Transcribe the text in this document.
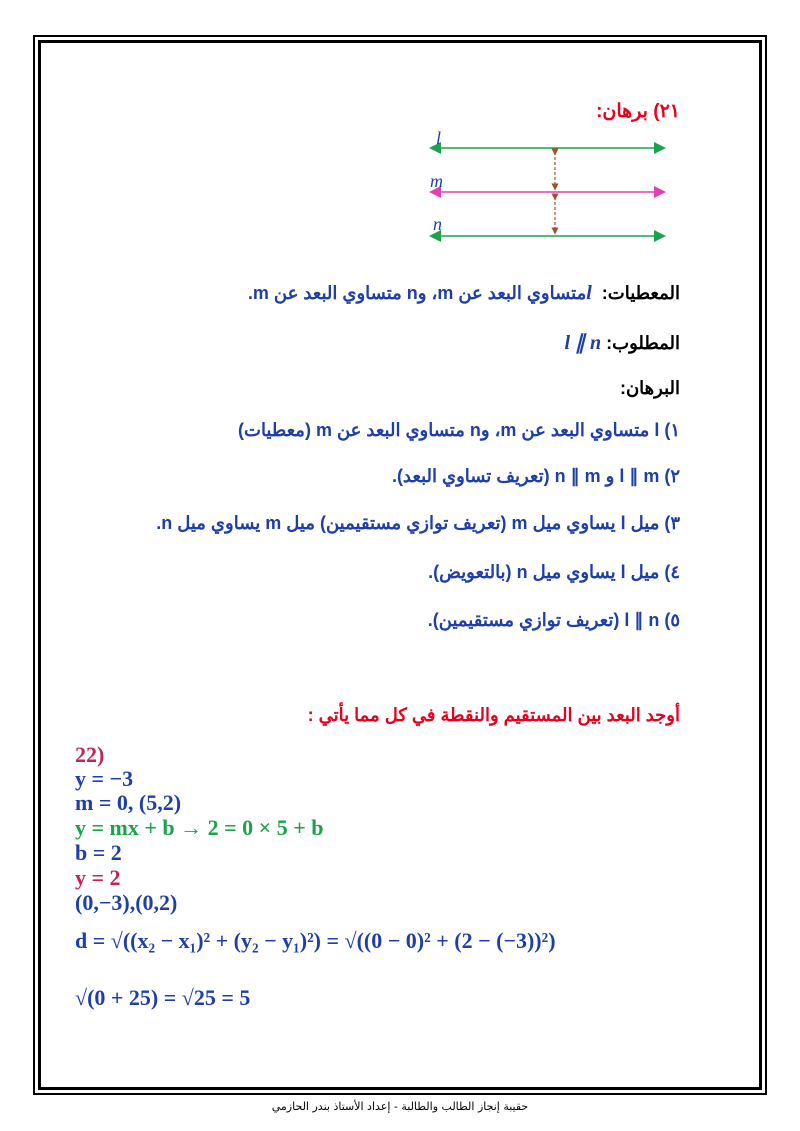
٢١) برهان:
l
m
n
المعطيات: l متساوي البعد عن m، وn متساوي البعد عن m.
المطلوب: l ∥ n
البرهان:
١) l متساوي البعد عن m، وn متساوي البعد عن m (معطيات)
٢) l ∥ m و n ∥ m (تعريف تساوي البعد).
٣) ميل l يساوي ميل m (تعريف توازي مستقيمين) ميل m يساوي ميل n.
٤) ميل l يساوي ميل n (بالتعويض).
٥) l ∥ n (تعريف توازي مستقيمين).
أوجد البعد بين المستقيم والنقطة في كل مما يأتي :
22)
y = −3
m = 0, (5,2)
y = mx + b → 2 = 0 × 5 + b
b = 2
y = 2
(0,−3),(0,2)
d = √((x₂ − x₁)² + (y₂ − y₁)²) = √((0 − 0)² + (2 − (−3))²)
√(0 + 25) = √25 = 5
حقيبة إنجاز الطالب والطالبة - إعداد الأستاذ بندر الحازمي
